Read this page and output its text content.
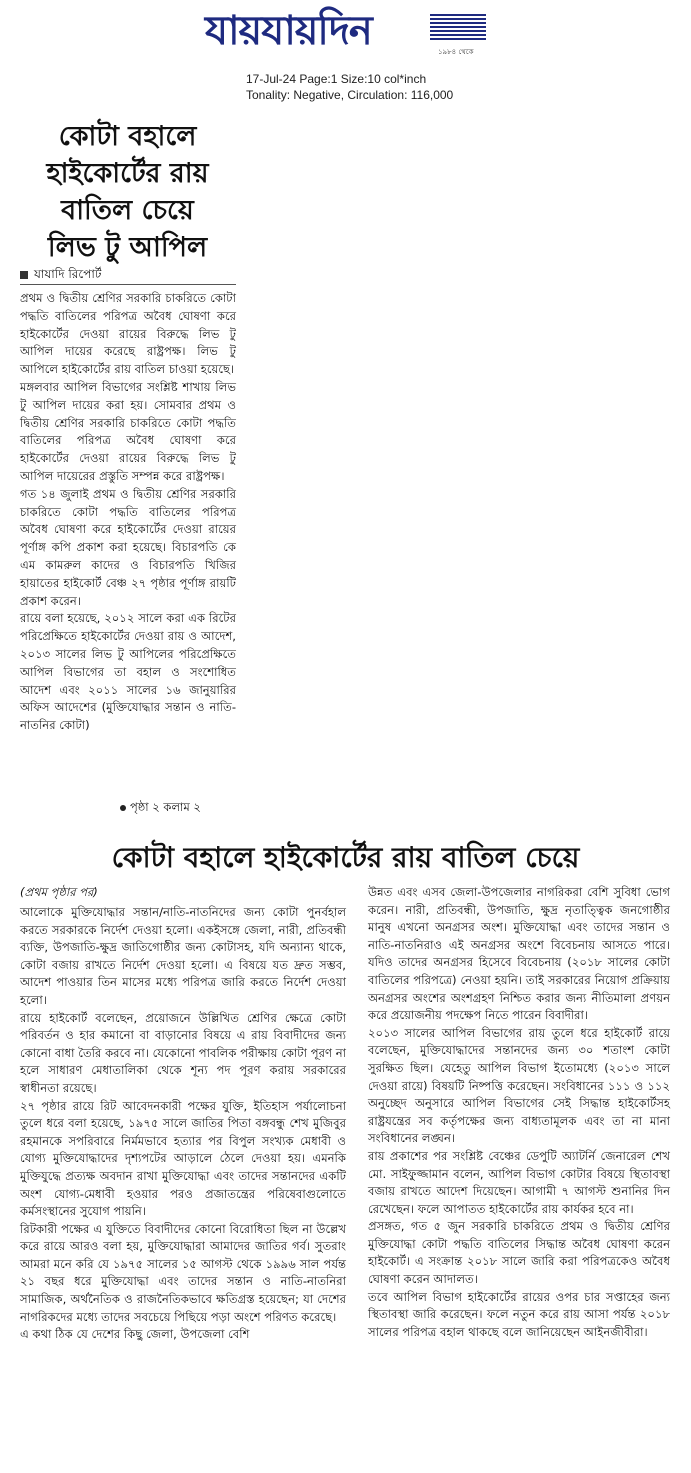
যায়যায়দিন	১৯৮৪ থেকে
17-Jul-24 Page:1 Size:10 col*inch
Tonality: Negative, Circulation: 116,000
কোটা বহালে
হাইকোর্টের রায়
বাতিল চেয়ে
লিভ টু আপিল
যাযাদি রিপোর্ট

প্রথম ও দ্বিতীয় শ্রেণির সরকারি চাকরিতে কোটা পদ্ধতি বাতিলের পরিপত্র অবৈধ ঘোষণা করে হাইকোর্টের দেওয়া রায়ের বিরুদ্ধে লিভ টু আপিল দায়ের করেছে রাষ্ট্রপক্ষ। লিভ টু আপিলে হাইকোর্টের রায় বাতিল চাওয়া হয়েছে।

মঙ্গলবার আপিল বিভাগের সংশ্লিষ্ট শাখায় লিভ টু আপিল দায়ের করা হয়। সোমবার প্রথম ও দ্বিতীয় শ্রেণির সরকারি চাকরিতে কোটা পদ্ধতি বাতিলের পরিপত্র অবৈধ ঘোষণা করে হাইকোর্টের দেওয়া রায়ের বিরুদ্ধে লিভ টু আপিল দায়েরের প্রস্তুতি সম্পন্ন করে রাষ্ট্রপক্ষ।

গত ১৪ জুলাই প্রথম ও দ্বিতীয় শ্রেণির সরকারি চাকরিতে কোটা পদ্ধতি বাতিলের পরিপত্র অবৈধ ঘোষণা করে হাইকোর্টের দেওয়া রায়ের পূর্ণাঙ্গ কপি প্রকাশ করা হয়েছে। বিচারপতি কে এম কামরুল কাদের ও বিচারপতি খিজির হায়াতের হাইকোর্ট বেঞ্চ ২৭ পৃষ্ঠার পূর্ণাঙ্গ রায়টি প্রকাশ করেন।

রায়ে বলা হয়েছে, ২০১২ সালে করা এক রিটের পরিপ্রেক্ষিতে হাইকোর্টের দেওয়া রায় ও আদেশ, ২০১৩ সালের লিভ টু আপিলের পরিপ্রেক্ষিতে আপিল বিভাগের তা বহাল ও সংশোধিত আদেশ এবং ২০১১ সালের ১৬ জানুয়ারির অফিস আদেশের (মুক্তিযোদ্ধার সন্তান ও নাতি-নাতনির কোটা)

পৃষ্ঠা ২ কলাম ২
কোটা বহালে হাইকোর্টের রায় বাতিল চেয়ে
(প্রথম পৃষ্ঠার পর)

আলোকে মুক্তিযোদ্ধার সন্তান/নাতি-নাতনিদের জন্য কোটা পুনর্বহাল করতে সরকারকে নির্দেশ দেওয়া হলো। একইসঙ্গে জেলা, নারী, প্রতিবন্ধী ব্যক্তি, উপজাতি-ক্ষুদ্র জাতিগোষ্ঠীর জন্য কোটাসহ, যদি অন্যান্য থাকে, কোটা বজায় রাখতে নির্দেশ দেওয়া হলো। এ বিষয়ে যত দ্রুত সম্ভব, আদেশ পাওয়ার তিন মাসের মধ্যে পরিপত্র জারি করতে নির্দেশ দেওয়া হলো।

রায়ে হাইকোর্ট বলেছেন, প্রয়োজনে উল্লিখিত শ্রেণির ক্ষেত্রে কোটা পরিবর্তন ও হার কমানো বা বাড়ানোর বিষয়ে এ রায় বিবাদীদের জন্য কোনো বাধা তৈরি করবে না। যেকোনো পাবলিক পরীক্ষায় কোটা পূরণ না হলে সাধারণ মেধাতালিকা থেকে শূন্য পদ পূরণ করায় সরকারের স্বাধীনতা রয়েছে।

২৭ পৃষ্ঠার রায়ে রিট আবেদনকারী পক্ষের যুক্তি, ইতিহাস পর্যালোচনা তুলে ধরে বলা হয়েছে, ১৯৭৫ সালে জাতির পিতা বঙ্গবন্ধু শেখ মুজিবুর রহমানকে সপরিবারে নির্মমভাবে হত্যার পর বিপুল সংখ্যক মেধাবী ও যোগ্য মুক্তিযোদ্ধাদের দৃশ্যপটের আড়ালে ঠেলে দেওয়া হয়। এমনকি মুক্তিযুদ্ধে প্রত্যক্ষ অবদান রাখা মুক্তিযোদ্ধা এবং তাদের সন্তানদের একটি অংশ যোগ্য-মেধাবী হওয়ার পরও প্রজাতন্ত্রের পরিষেবাগুলোতে কর্মসংস্থানের সুযোগ পায়নি।

রিটকারী পক্ষের এ যুক্তিতে বিবাদীদের কোনো বিরোধিতা ছিল না উল্লেখ করে রায়ে আরও বলা হয়, মুক্তিযোদ্ধারা আমাদের জাতির গর্ব। সুতরাং আমরা মনে করি যে ১৯৭৫ সালের ১৫ আগস্ট থেকে ১৯৯৬ সাল পর্যন্ত ২১ বছর ধরে মুক্তিযোদ্ধা এবং তাদের সন্তান ও নাতি-নাতনিরা সামাজিক, অর্থনৈতিক ও রাজনৈতিকভাবে ক্ষতিগ্রস্ত হয়েছেন; যা দেশের নাগরিকদের মধ্যে তাদের সবচেয়ে পিছিয়ে পড়া অংশে পরিণত করেছে।

এ কথা ঠিক যে দেশের কিছু জেলা, উপজেলা বেশি

উন্নত এবং এসব জেলা-উপজেলার নাগরিকরা বেশি সুবিধা ভোগ করেন। নারী, প্রতিবন্ধী, উপজাতি, ক্ষুদ্র নৃতাত্ত্বিক জনগোষ্ঠীর মানুষ এখনো অনগ্রসর অংশ। মুক্তিযোদ্ধা এবং তাদের সন্তান ও নাতি-নাতনিরাও এই অনগ্রসর অংশে বিবেচনায় আসতে পারে। যদিও তাদের অনগ্রসর হিসেবে বিবেচনায় (২০১৮ সালের কোটা বাতিলের পরিপত্রে) নেওয়া হয়নি। তাই সরকারের নিয়োগ প্রক্রিয়ায় অনগ্রসর অংশের অংশগ্রহণ নিশ্চিত করার জন্য নীতিমালা প্রণয়ন করে প্রয়োজনীয় পদক্ষেপ নিতে পারেন বিবাদীরা।

২০১৩ সালের আপিল বিভাগের রায় তুলে ধরে হাইকোর্ট রায়ে বলেছেন, মুক্তিযোদ্ধাদের সন্তানদের জন্য ৩০ শতাংশ কোটা সুরক্ষিত ছিল। যেহেতু আপিল বিভাগ ইতোমধ্যে (২০১৩ সালে দেওয়া রায়ে) বিষয়টি নিষ্পত্তি করেছেন। সংবিধানের ১১১ ও ১১২ অনুচ্ছেদ অনুসারে আপিল বিভাগের সেই সিদ্ধান্ত হাইকোর্টসহ রাষ্ট্রযন্ত্রের সব কর্তৃপক্ষের জন্য বাধ্যতামূলক এবং তা না মানা সংবিধানের লঙ্ঘন।

রায় প্রকাশের পর সংশ্লিষ্ট বেঞ্চের ডেপুটি অ্যাটর্নি জেনারেল শেখ মো. সাইফুজ্জামান বলেন, আপিল বিভাগ কোটার বিষয়ে স্থিতাবস্থা বজায় রাখতে আদেশ দিয়েছেন। আগামী ৭ আগস্ট শুনানির দিন রেখেছেন। ফলে আপাতত হাইকোর্টের রায় কার্যকর হবে না।

প্রসঙ্গত, গত ৫ জুন সরকারি চাকরিতে প্রথম ও দ্বিতীয় শ্রেণির মুক্তিযোদ্ধা কোটা পদ্ধতি বাতিলের সিদ্ধান্ত অবৈধ ঘোষণা করেন হাইকোর্ট। এ সংক্রান্ত ২০১৮ সালে জারি করা পরিপত্রকেও অবৈধ ঘোষণা করেন আদালত।

তবে আপিল বিভাগ হাইকোর্টের রায়ের ওপর চার সপ্তাহের জন্য স্থিতাবস্থা জারি করেছেন। ফলে নতুন করে রায় আসা পর্যন্ত ২০১৮ সালের পরিপত্র বহাল থাকছে বলে জানিয়েছেন আইনজীবীরা।
